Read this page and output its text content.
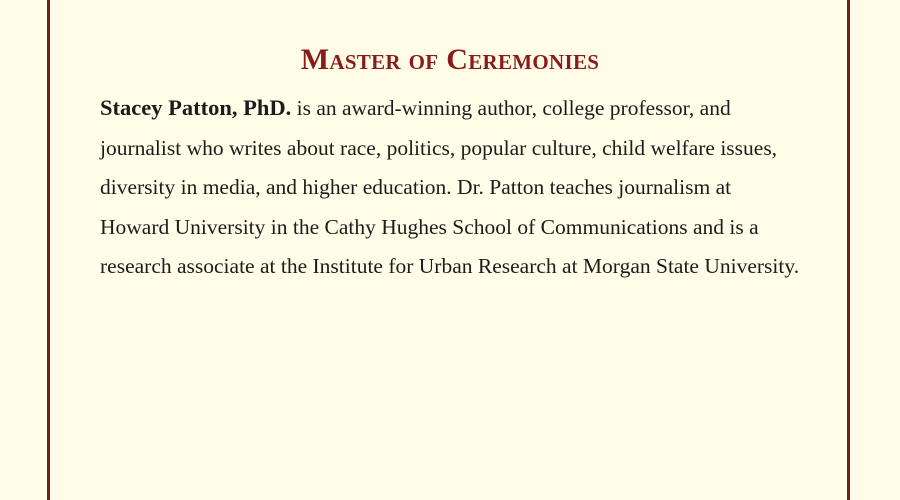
Master of Ceremonies

Stacey Patton, PhD. is an award-winning author, college professor, and journalist who writes about race, politics, popular culture, child welfare issues, diversity in media, and higher education. Dr. Patton teaches journalism at Howard University in the Cathy Hughes School of Communications and is a research associate at the Institute for Urban Research at Morgan State University.
